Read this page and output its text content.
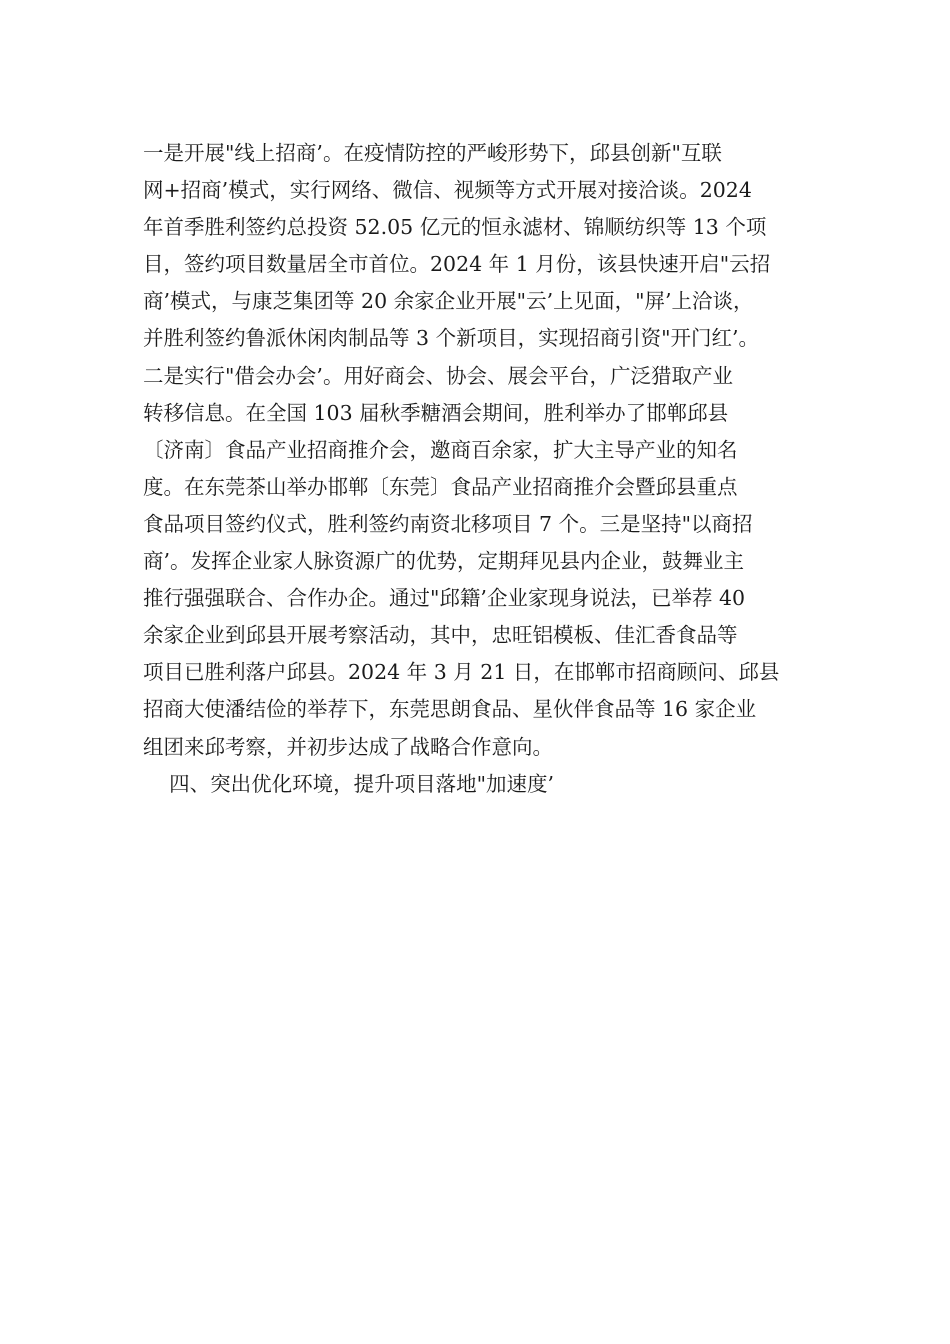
一是开展"线上招商’。在疫情防控的严峻形势下，邱县创新"互联
网+招商’模式，实行网络、微信、视频等方式开展对接洽谈。2024
年首季胜利签约总投资 52.05 亿元的恒永滤材、锦顺纺织等 13 个项
目，签约项目数量居全市首位。2024 年 1 月份，该县快速开启"云招
商’模式，与康芝集团等 20 余家企业开展"云’上见面，"屏’上洽谈，
并胜利签约鲁派休闲肉制品等 3 个新项目，实现招商引资"开门红’。
二是实行"借会办会’。用好商会、协会、展会平台，广泛猎取产业
转移信息。在全国 103 届秋季糖酒会期间，胜利举办了邯郸邱县
〔济南〕食品产业招商推介会，邀商百余家，扩大主导产业的知名
度。在东莞茶山举办邯郸〔东莞〕食品产业招商推介会暨邱县重点
食品项目签约仪式，胜利签约南资北移项目 7 个。三是坚持"以商招
商’。发挥企业家人脉资源广的优势，定期拜见县内企业，鼓舞业主
推行强强联合、合作办企。通过"邱籍’企业家现身说法，已举荐 40
余家企业到邱县开展考察活动，其中，忠旺铝模板、佳汇香食品等
项目已胜利落户邱县。2024 年 3 月 21 日，在邯郸市招商顾问、邱县
招商大使潘结俭的举荐下，东莞思朗食品、星伙伴食品等 16 家企业
组团来邱考察，并初步达成了战略合作意向。
四、突出优化环境，提升项目落地"加速度’
